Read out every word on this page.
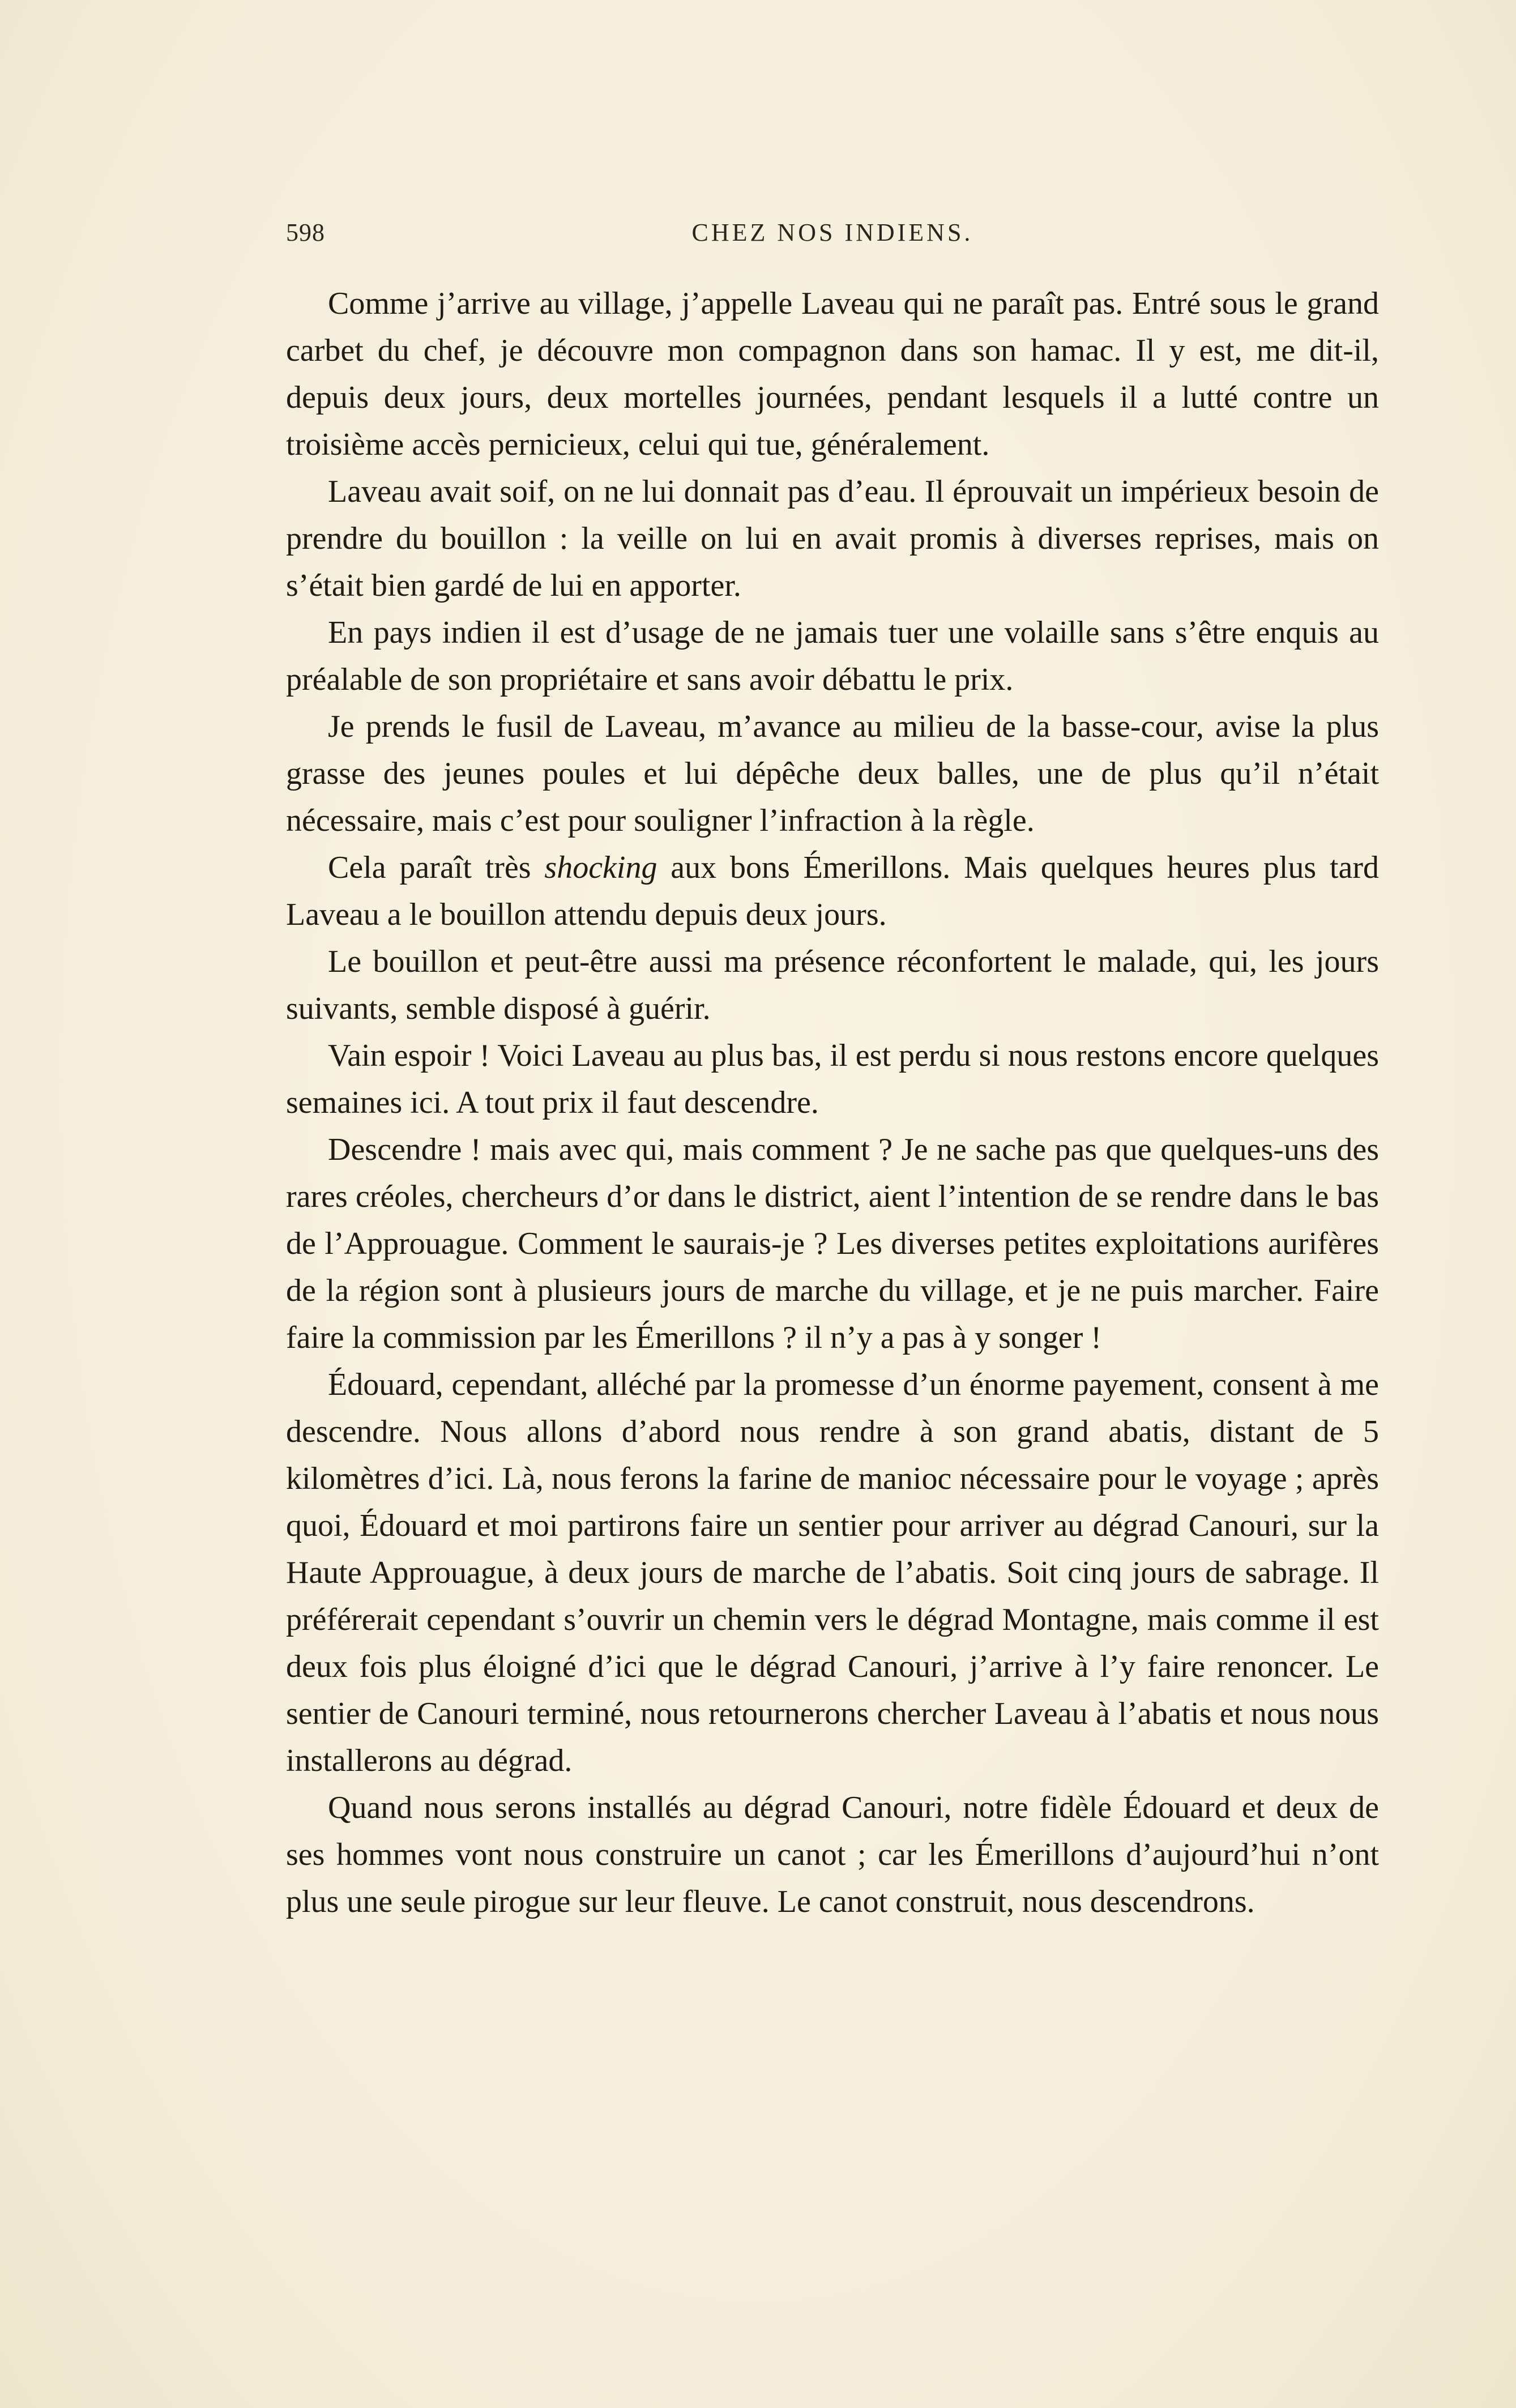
598	CHEZ NOS INDIENS.

Comme j’arrive au village, j’appelle Laveau qui ne paraît pas. Entré sous le grand carbet du chef, je découvre mon compagnon dans son hamac. Il y est, me dit-il, depuis deux jours, deux mortelles journées, pendant lesquels il a lutté contre un troisième accès pernicieux, celui qui tue, généralement.

Laveau avait soif, on ne lui donnait pas d’eau. Il éprouvait un impérieux besoin de prendre du bouillon : la veille on lui en avait promis à diverses reprises, mais on s’était bien gardé de lui en apporter.

En pays indien il est d’usage de ne jamais tuer une volaille sans s’être enquis au préalable de son propriétaire et sans avoir débattu le prix.

Je prends le fusil de Laveau, m’avance au milieu de la basse-cour, avise la plus grasse des jeunes poules et lui dépêche deux balles, une de plus qu’il n’était nécessaire, mais c’est pour souligner l’infraction à la règle.

Cela paraît très shocking aux bons Émerillons. Mais quelques heures plus tard Laveau a le bouillon attendu depuis deux jours.

Le bouillon et peut-être aussi ma présence réconfortent le malade, qui, les jours suivants, semble disposé à guérir.

Vain espoir ! Voici Laveau au plus bas, il est perdu si nous restons encore quelques semaines ici. A tout prix il faut descendre.

Descendre ! mais avec qui, mais comment ? Je ne sache pas que quelques-uns des rares créoles, chercheurs d’or dans le district, aient l’intention de se rendre dans le bas de l’Approuague. Comment le saurais-je ? Les diverses petites exploitations aurifères de la région sont à plusieurs jours de marche du village, et je ne puis marcher. Faire faire la commission par les Émerillons ? il n’y a pas à y songer !

Édouard, cependant, alléché par la promesse d’un énorme payement, consent à me descendre. Nous allons d’abord nous rendre à son grand abatis, distant de 5 kilomètres d’ici. Là, nous ferons la farine de manioc nécessaire pour le voyage ; après quoi, Édouard et moi partirons faire un sentier pour arriver au dégrad Canouri, sur la Haute Approuague, à deux jours de marche de l’abatis. Soit cinq jours de sabrage. Il préférerait cependant s’ouvrir un chemin vers le dégrad Montagne, mais comme il est deux fois plus éloigné d’ici que le dégrad Canouri, j’arrive à l’y faire renoncer. Le sentier de Canouri terminé, nous retournerons chercher Laveau à l’abatis et nous nous installerons au dégrad.

Quand nous serons installés au dégrad Canouri, notre fidèle Édouard et deux de ses hommes vont nous construire un canot ; car les Émerillons d’aujourd’hui n’ont plus une seule pirogue sur leur fleuve. Le canot construit, nous descendrons.
